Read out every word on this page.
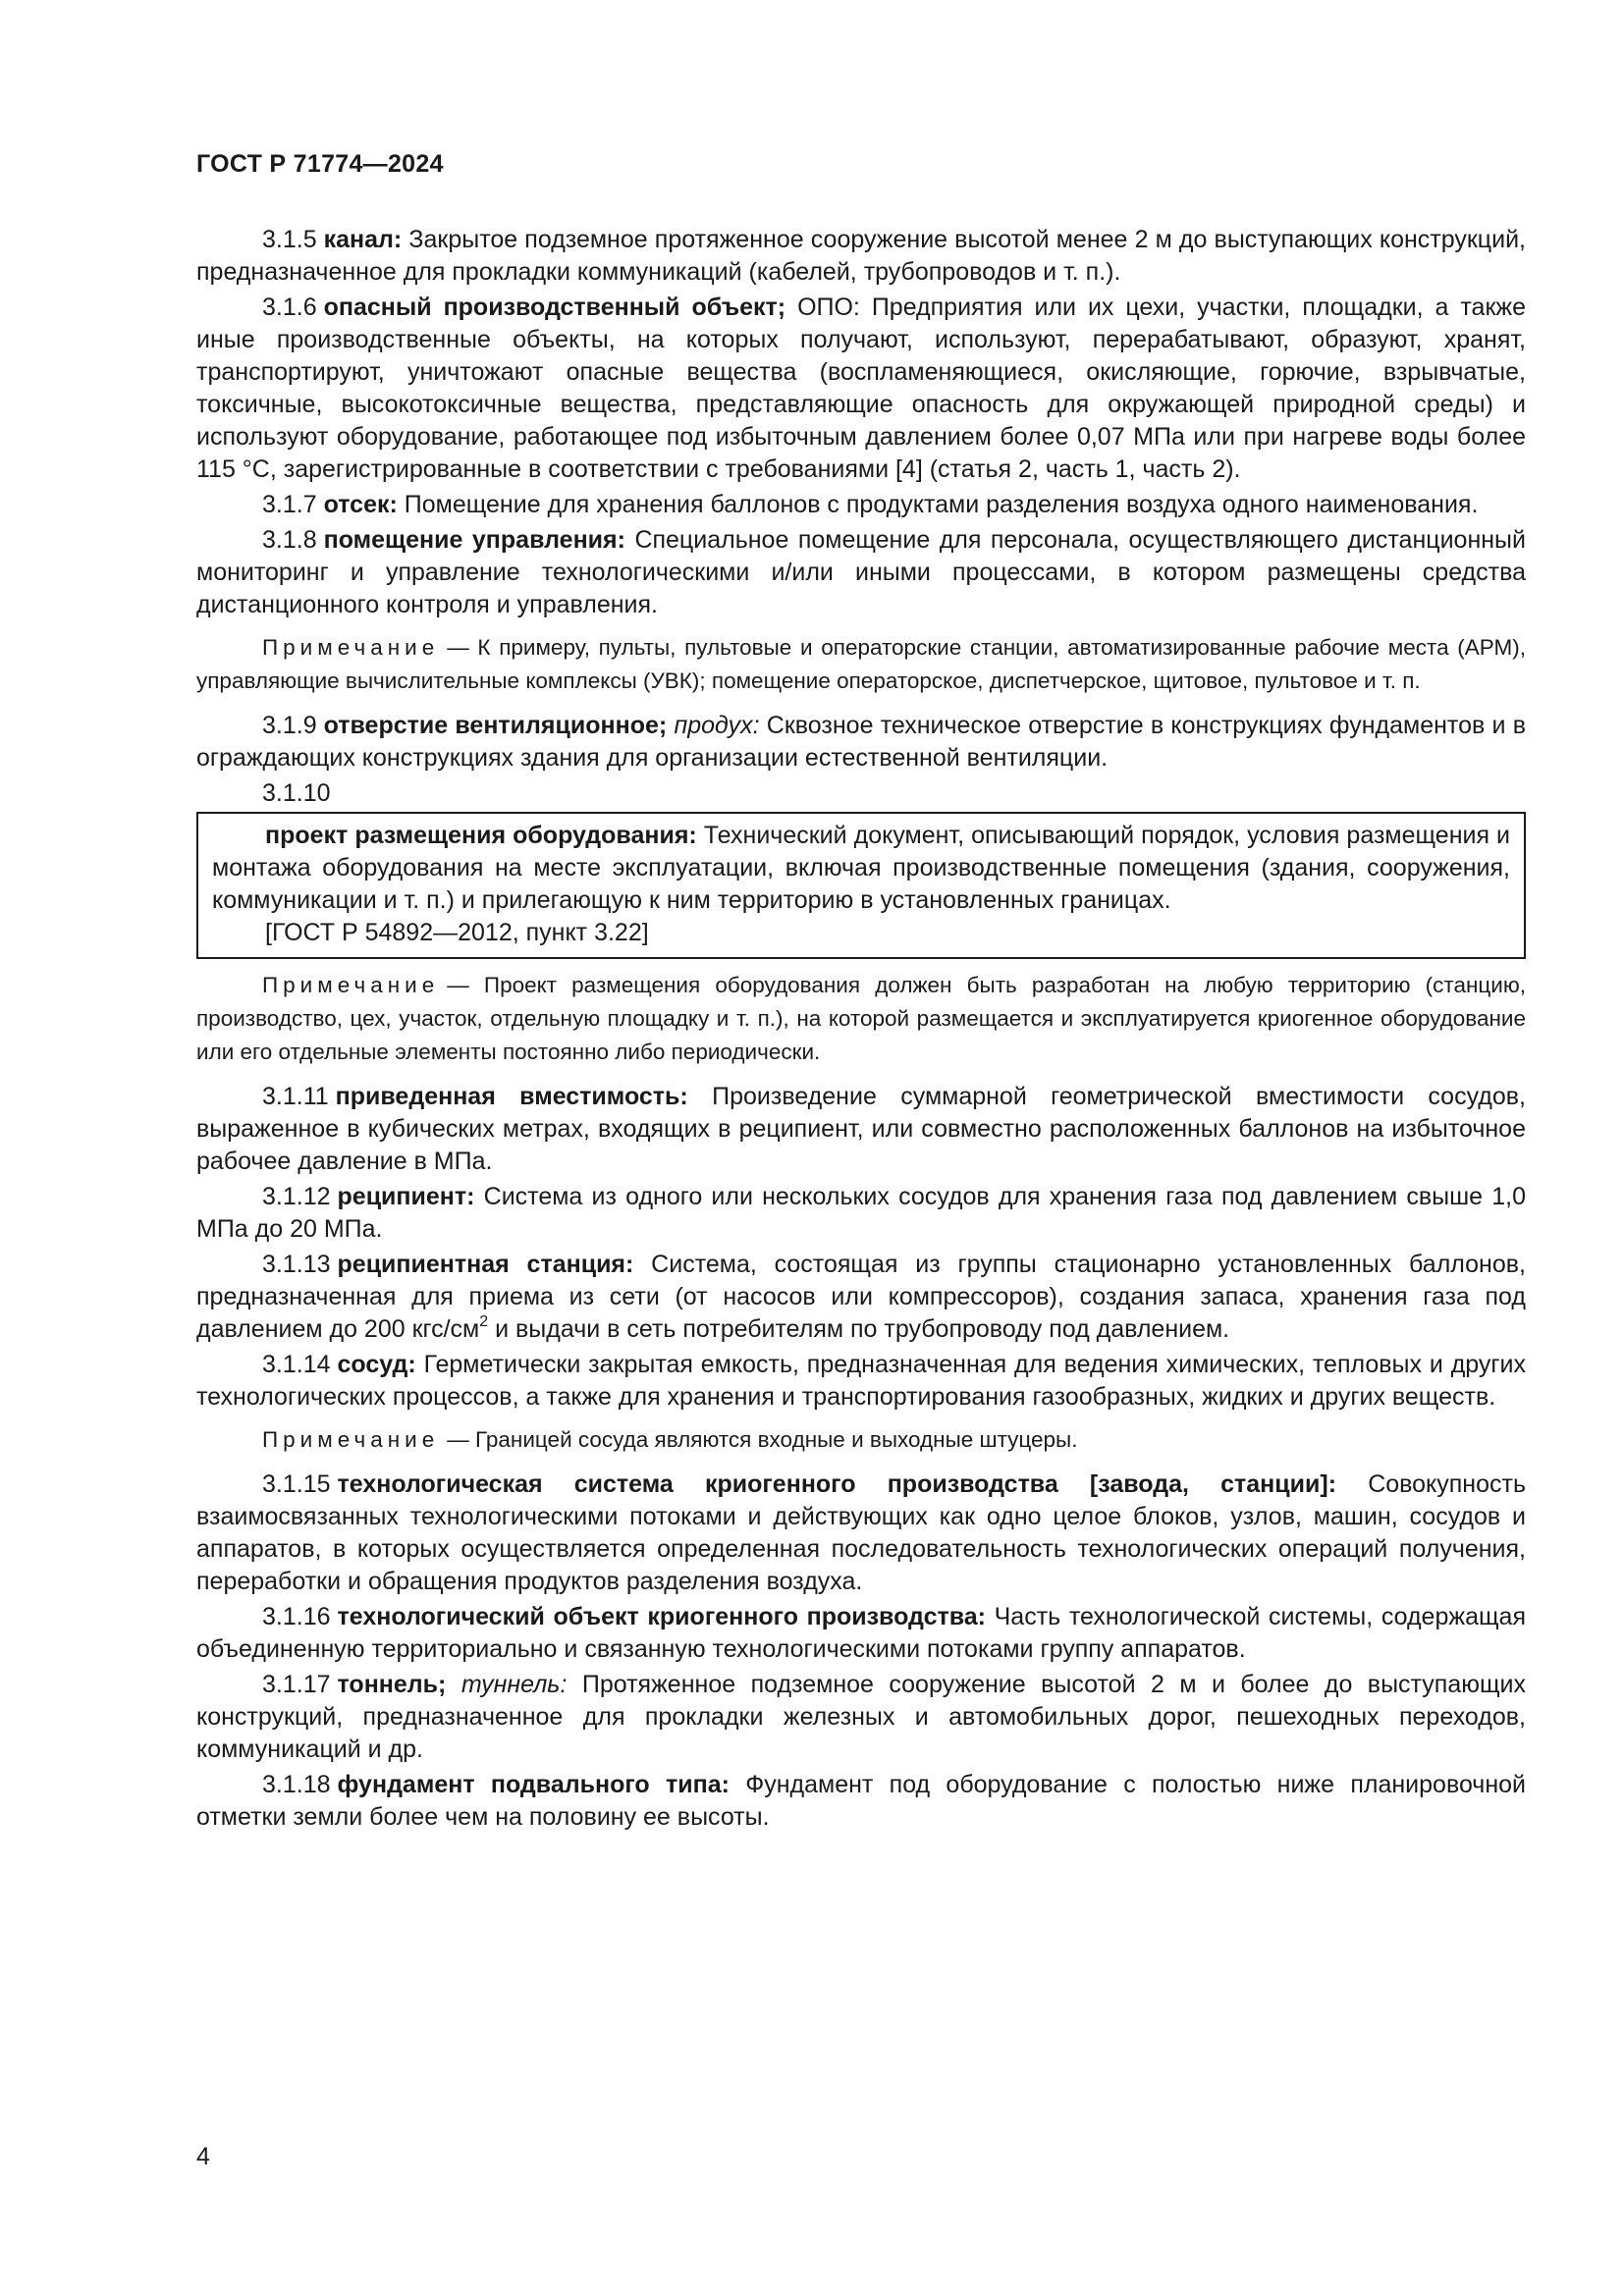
ГОСТ Р 71774—2024
3.1.5 канал: Закрытое подземное протяженное сооружение высотой менее 2 м до выступающих конструкций, предназначенное для прокладки коммуникаций (кабелей, трубопроводов и т. п.).
3.1.6 опасный производственный объект; ОПО: Предприятия или их цехи, участки, площадки, а также иные производственные объекты, на которых получают, используют, перерабатывают, образуют, хранят, транспортируют, уничтожают опасные вещества (воспламеняющиеся, окисляющие, горючие, взрывчатые, токсичные, высокотоксичные вещества, представляющие опасность для окружающей природной среды) и используют оборудование, работающее под избыточным давлением более 0,07 МПа или при нагреве воды более 115 °С, зарегистрированные в соответствии с требованиями [4] (статья 2, часть 1, часть 2).
3.1.7 отсек: Помещение для хранения баллонов с продуктами разделения воздуха одного наименования.
3.1.8 помещение управления: Специальное помещение для персонала, осуществляющего дистанционный мониторинг и управление технологическими и/или иными процессами, в котором размещены средства дистанционного контроля и управления.
Примечание — К примеру, пульты, пультовые и операторские станции, автоматизированные рабочие места (АРМ), управляющие вычислительные комплексы (УВК); помещение операторское, диспетчерское, щитовое, пультовое и т. п.
3.1.9 отверстие вентиляционное; продух: Сквозное техническое отверстие в конструкциях фундаментов и в ограждающих конструкциях здания для организации естественной вентиляции.
3.1.10
проект размещения оборудования: Технический документ, описывающий порядок, условия размещения и монтажа оборудования на месте эксплуатации, включая производственные помещения (здания, сооружения, коммуникации и т. п.) и прилегающую к ним территорию в установленных границах.
[ГОСТ Р 54892—2012, пункт 3.22]
Примечание — Проект размещения оборудования должен быть разработан на любую территорию (станцию, производство, цех, участок, отдельную площадку и т. п.), на которой размещается и эксплуатируется криогенное оборудование или его отдельные элементы постоянно либо периодически.
3.1.11 приведенная вместимость: Произведение суммарной геометрической вместимости сосудов, выраженное в кубических метрах, входящих в реципиент, или совместно расположенных баллонов на избыточное рабочее давление в МПа.
3.1.12 реципиент: Система из одного или нескольких сосудов для хранения газа под давлением свыше 1,0 МПа до 20 МПа.
3.1.13 реципиентная станция: Система, состоящая из группы стационарно установленных баллонов, предназначенная для приема из сети (от насосов или компрессоров), создания запаса, хранения газа под давлением до 200 кгс/$см^2$ и выдачи в сеть потребителям по трубопроводу под давлением.
3.1.14 сосуд: Герметически закрытая емкость, предназначенная для ведения химических, тепловых и других технологических процессов, а также для хранения и транспортирования газообразных, жидких и других веществ.
Примечание — Границей сосуда являются входные и выходные штуцеры.
3.1.15 технологическая система криогенного производства [завода, станции]: Совокупность взаимосвязанных технологическими потоками и действующих как одно целое блоков, узлов, машин, сосудов и аппаратов, в которых осуществляется определенная последовательность технологических операций получения, переработки и обращения продуктов разделения воздуха.
3.1.16 технологический объект криогенного производства: Часть технологической системы, содержащая объединенную территориально и связанную технологическими потоками группу аппаратов.
3.1.17 тоннель; туннель: Протяженное подземное сооружение высотой 2 м и более до выступающих конструкций, предназначенное для прокладки железных и автомобильных дорог, пешеходных переходов, коммуникаций и др.
3.1.18 фундамент подвального типа: Фундамент под оборудование с полостью ниже планировочной отметки земли более чем на половину ее высоты.
4
